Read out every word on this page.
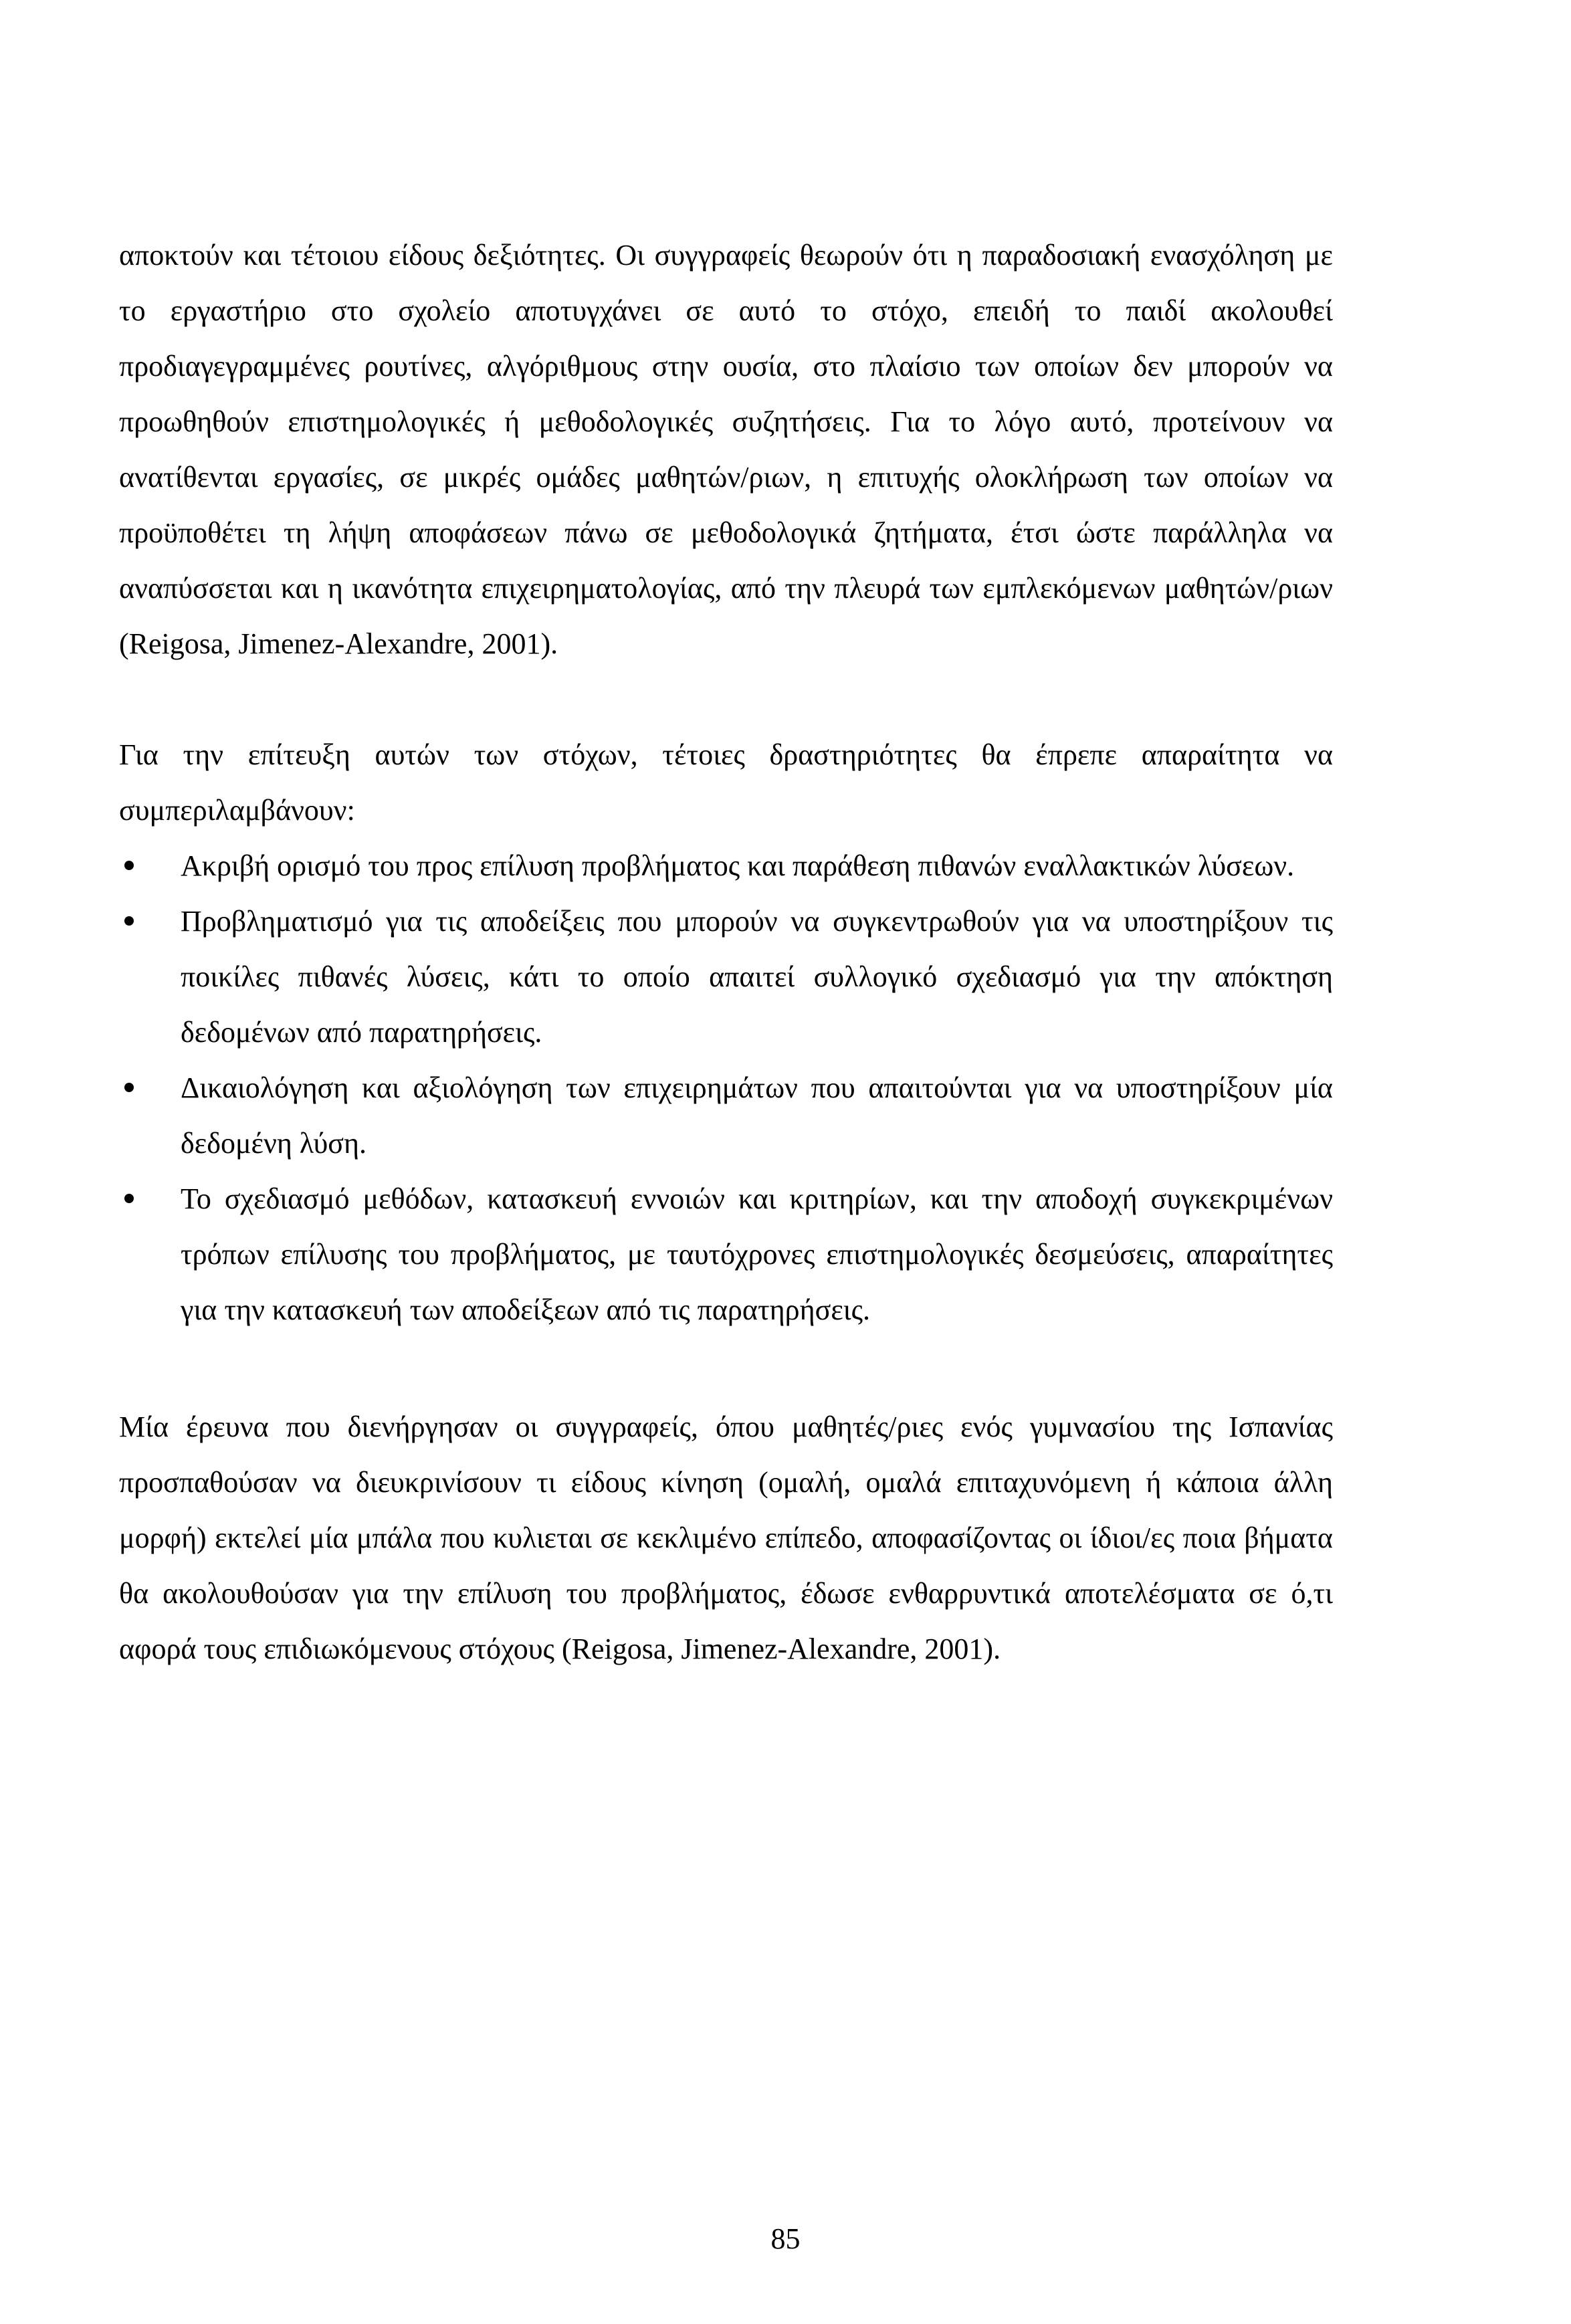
αποκτούν και τέτοιου είδους δεξιότητες. Οι συγγραφείς θεωρούν ότι η παραδοσιακή ενασχόληση με το εργαστήριο στο σχολείο αποτυγχάνει σε αυτό το στόχο, επειδή το παιδί ακολουθεί προδιαγεγραμμένες ρουτίνες, αλγόριθμους στην ουσία, στο πλαίσιο των οποίων δεν μπορούν να προωθηθούν επιστημολογικές ή μεθοδολογικές συζητήσεις. Για το λόγο αυτό, προτείνουν να ανατίθενται εργασίες, σε μικρές ομάδες μαθητών/ριων, η επιτυχής ολοκλήρωση των οποίων να προϋποθέτει τη λήψη αποφάσεων πάνω σε μεθοδολογικά ζητήματα, έτσι ώστε παράλληλα να αναπύσσεται και η ικανότητα επιχειρηματολογίας, από την πλευρά των εμπλεκόμενων μαθητών/ριων (Reigosa, Jimenez-Alexandre, 2001).

Για την επίτευξη αυτών των στόχων, τέτοιες δραστηριότητες θα έπρεπε απαραίτητα να συμπεριλαμβάνουν:

Ακριβή ορισμό του προς επίλυση προβλήματος και παράθεση πιθανών εναλλακτικών λύσεων.
Προβληματισμό για τις αποδείξεις που μπορούν να συγκεντρωθούν για να υποστηρίξουν τις ποικίλες πιθανές λύσεις, κάτι το οποίο απαιτεί συλλογικό σχεδιασμό για την απόκτηση δεδομένων από παρατηρήσεις.
Δικαιολόγηση και αξιολόγηση των επιχειρημάτων που απαιτούνται για να υποστηρίξουν μία δεδομένη λύση.
Το σχεδιασμό μεθόδων, κατασκευή εννοιών και κριτηρίων, και την αποδοχή συγκεκριμένων τρόπων επίλυσης του προβλήματος, με ταυτόχρονες επιστημολογικές δεσμεύσεις, απαραίτητες για την κατασκευή των αποδείξεων από τις παρατηρήσεις.

Μία έρευνα που διενήργησαν οι συγγραφείς, όπου μαθητές/ριες ενός γυμνασίου της Ισπανίας προσπαθούσαν να διευκρινίσουν τι είδους κίνηση (ομαλή, ομαλά επιταχυνόμενη ή κάποια άλλη μορφή) εκτελεί μία μπάλα που κυλιεται σε κεκλιμένο επίπεδο, αποφασίζοντας οι ίδιοι/ες ποια βήματα θα ακολουθούσαν για την επίλυση του προβλήματος, έδωσε ενθαρρυντικά αποτελέσματα σε ό,τι αφορά τους επιδιωκόμενους στόχους (Reigosa, Jimenez-Alexandre, 2001).

85
